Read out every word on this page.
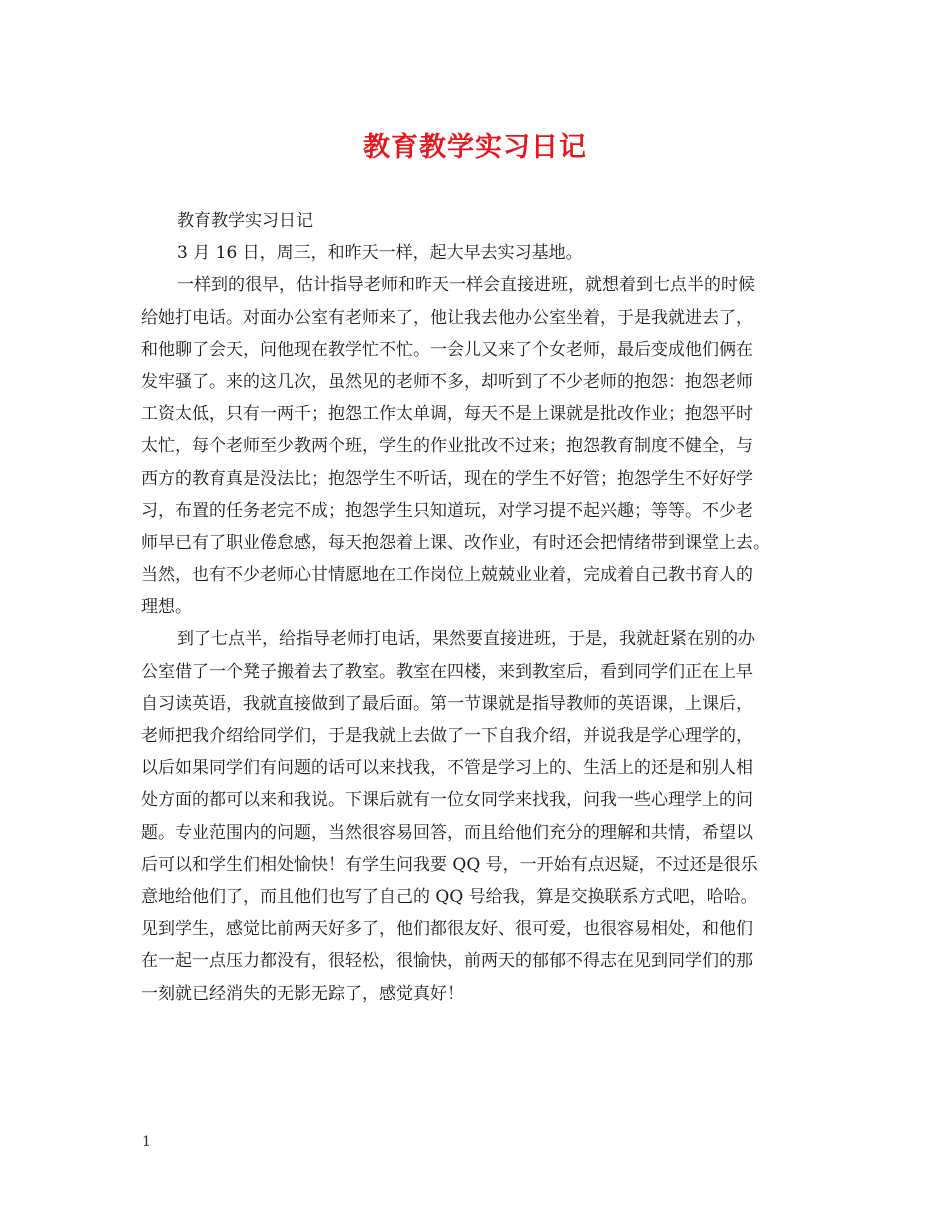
教育教学实习日记
教育教学实习日记
3 月 16 日，周三，和昨天一样，起大早去实习基地。
一样到的很早，估计指导老师和昨天一样会直接进班，就想着到七点半的时候
给她打电话。对面办公室有老师来了，他让我去他办公室坐着，于是我就进去了，
和他聊了会天，问他现在教学忙不忙。一会儿又来了个女老师，最后变成他们俩在
发牢骚了。来的这几次，虽然见的老师不多，却听到了不少老师的抱怨：抱怨老师
工资太低，只有一两千；抱怨工作太单调，每天不是上课就是批改作业；抱怨平时
太忙，每个老师至少教两个班，学生的作业批改不过来；抱怨教育制度不健全，与
西方的教育真是没法比；抱怨学生不听话，现在的学生不好管；抱怨学生不好好学
习，布置的任务老完不成；抱怨学生只知道玩，对学习提不起兴趣；等等。不少老
师早已有了职业倦怠感，每天抱怨着上课、改作业，有时还会把情绪带到课堂上去。
当然，也有不少老师心甘情愿地在工作岗位上兢兢业业着，完成着自己教书育人的
理想。
到了七点半，给指导老师打电话，果然要直接进班，于是，我就赶紧在别的办
公室借了一个凳子搬着去了教室。教室在四楼，来到教室后，看到同学们正在上早
自习读英语，我就直接做到了最后面。第一节课就是指导教师的英语课，上课后，
老师把我介绍给同学们，于是我就上去做了一下自我介绍，并说我是学心理学的，
以后如果同学们有问题的话可以来找我，不管是学习上的、生活上的还是和别人相
处方面的都可以来和我说。下课后就有一位女同学来找我，问我一些心理学上的问
题。专业范围内的问题，当然很容易回答，而且给他们充分的理解和共情，希望以
后可以和学生们相处愉快！有学生问我要 QQ 号，一开始有点迟疑，不过还是很乐
意地给他们了，而且他们也写了自己的 QQ 号给我，算是交换联系方式吧，哈哈。
见到学生，感觉比前两天好多了，他们都很友好、很可爱，也很容易相处，和他们
在一起一点压力都没有，很轻松，很愉快，前两天的郁郁不得志在见到同学们的那
一刻就已经消失的无影无踪了，感觉真好！
1
